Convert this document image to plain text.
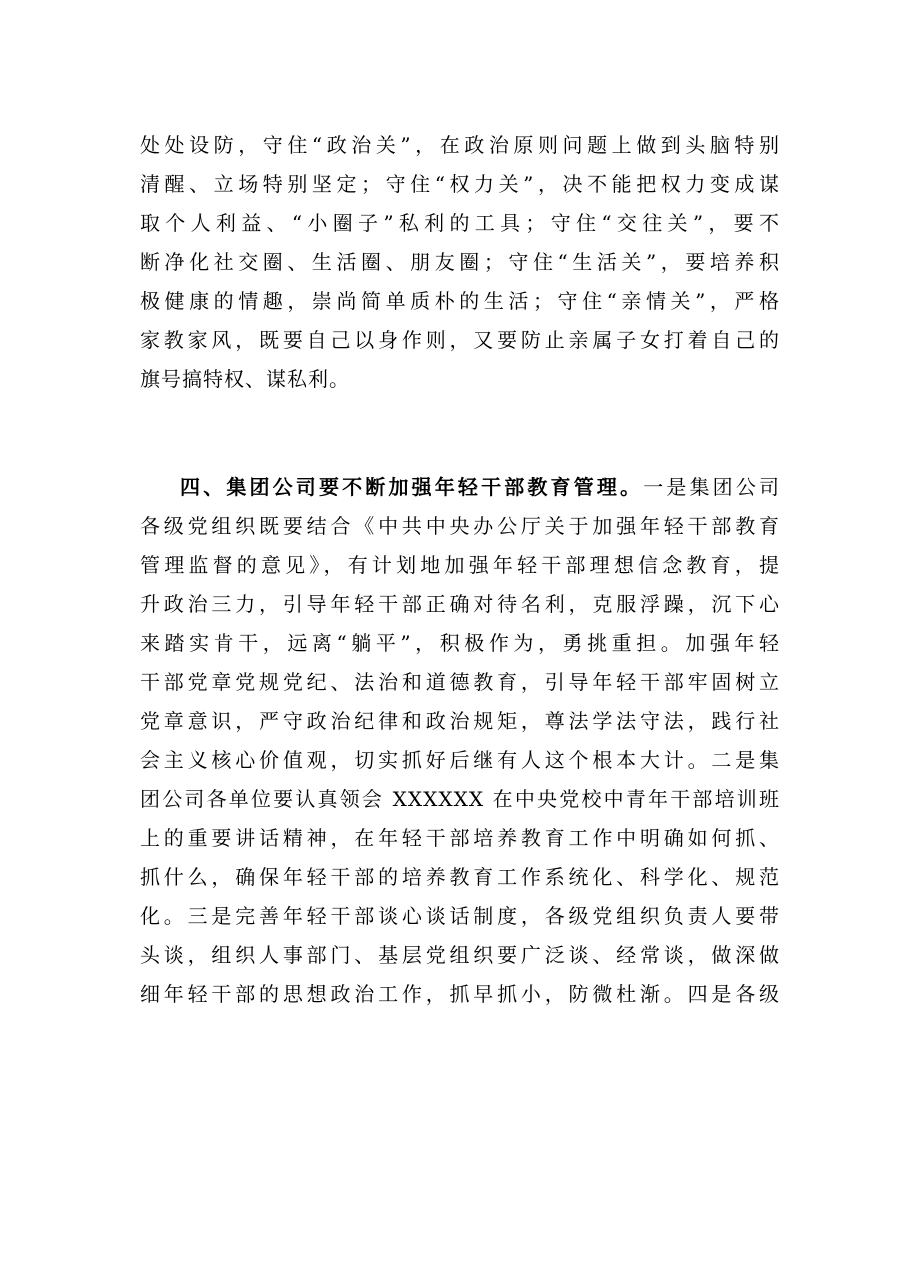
处处设防，守住“政治关”，在政治原则问题上做到头脑特别
清醒、立场特别坚定；守住“权力关”，决不能把权力变成谋
取个人利益、“小圈子”私利的工具；守住“交往关”，要不
断净化社交圈、生活圈、朋友圈；守住“生活关”，要培养积
极健康的情趣，崇尚简单质朴的生活；守住“亲情关”，严格
家教家风，既要自己以身作则，又要防止亲属子女打着自己的
旗号搞特权、谋私利。
四、集团公司要不断加强年轻干部教育管理。一是集团公司
各级党组织既要结合《中共中央办公厅关于加强年轻干部教育
管理监督的意见》，有计划地加强年轻干部理想信念教育，提
升政治三力，引导年轻干部正确对待名利，克服浮躁，沉下心
来踏实肯干，远离“躺平”，积极作为，勇挑重担。加强年轻
干部党章党规党纪、法治和道德教育，引导年轻干部牢固树立
党章意识，严守政治纪律和政治规矩，尊法学法守法，践行社
会主义核心价值观，切实抓好后继有人这个根本大计。二是集
团公司各单位要认真领会 XXXXXX 在中央党校中青年干部培训班
上的重要讲话精神，在年轻干部培养教育工作中明确如何抓、
抓什么，确保年轻干部的培养教育工作系统化、科学化、规范
化。三是完善年轻干部谈心谈话制度，各级党组织负责人要带
头谈，组织人事部门、基层党组织要广泛谈、经常谈，做深做
细年轻干部的思想政治工作，抓早抓小，防微杜渐。四是各级
